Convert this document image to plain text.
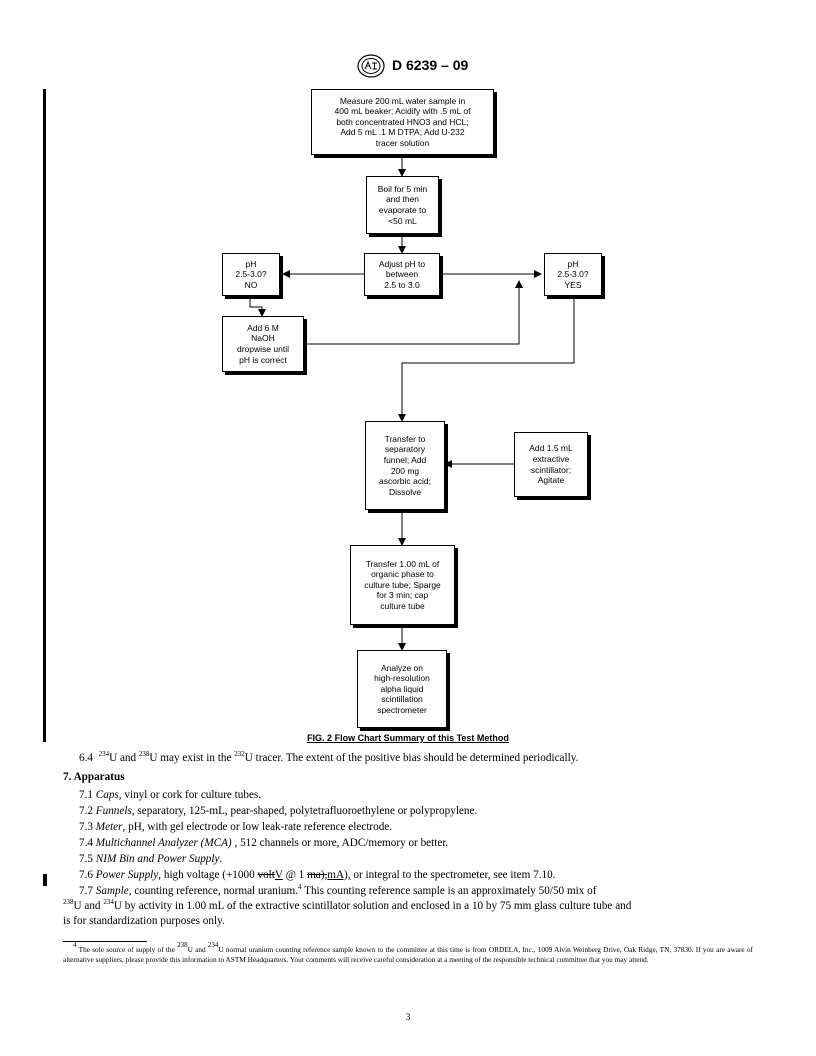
D 6239 – 09
Measure 200 mL water sample in
400 mL beaker; Acidify with .5 mL of
both concentrated HNO3 and HCL;
Add 5 mL .1 M DTPA; Add U-232
tracer solution
Boil for 5 min
and then
evaporate to
<50 mL
Adjust pH to
between
2.5 to 3.0
pH
2.5-3.0?
NO
pH
2.5-3.0?
YES
Add 6 M
NaOH
dropwise until
pH is correct
Transfer to
separatory
funnel; Add
200 mg
ascorbic acid;
Dissolve
Add 1.5 mL
extractive
scintillator;
Agitate
Transfer 1.00 mL of
organic phase to
culture tube; Sparge
for 3 min; cap
culture tube
Analyze on
high-resolution
alpha liquid
scintillation
spectrometer
FIG. 2 Flow Chart Summary of this Test Method
6.4 $^{234}$U and $^{238}$U may exist in the $^{232}$U tracer. The extent of the positive bias should be determined periodically.
7. Apparatus
7.1 Caps, vinyl or cork for culture tubes.
7.2 Funnels, separatory, 125-mL, pear-shaped, polytetrafluoroethylene or polypropylene.
7.3 Meter, pH, with gel electrode or low leak-rate reference electrode.
7.4 Multichannel Analyzer (MCA) , 512 channels or more, ADC/memory or better.
7.5 NIM Bin and Power Supply.
7.6 Power Supply, high voltage (+1000 voltV @ 1 ma),mA), or integral to the spectrometer, see item 7.10.
7.7 Sample, counting reference, normal uranium.$^4$ This counting reference sample is an approximately 50/50 mix of
$^{238}$U and $^{234}$U by activity in 1.00 mL of the extractive scintillator solution and enclosed in a 10 by 75 mm glass culture tube and
is for standardization purposes only.
4 The sole source of supply of the 238U and 234U normal uranium counting reference sample known to the committee at this time is from ORDELA, Inc., 1009 Alvin Weinberg Drive, Oak Ridge, TN, 37830. If you are aware of alternative suppliers, please provide this information to ASTM Headquarters. Your comments will receive careful consideration at a meeting of the responsible technical committee that you may attend.
3
